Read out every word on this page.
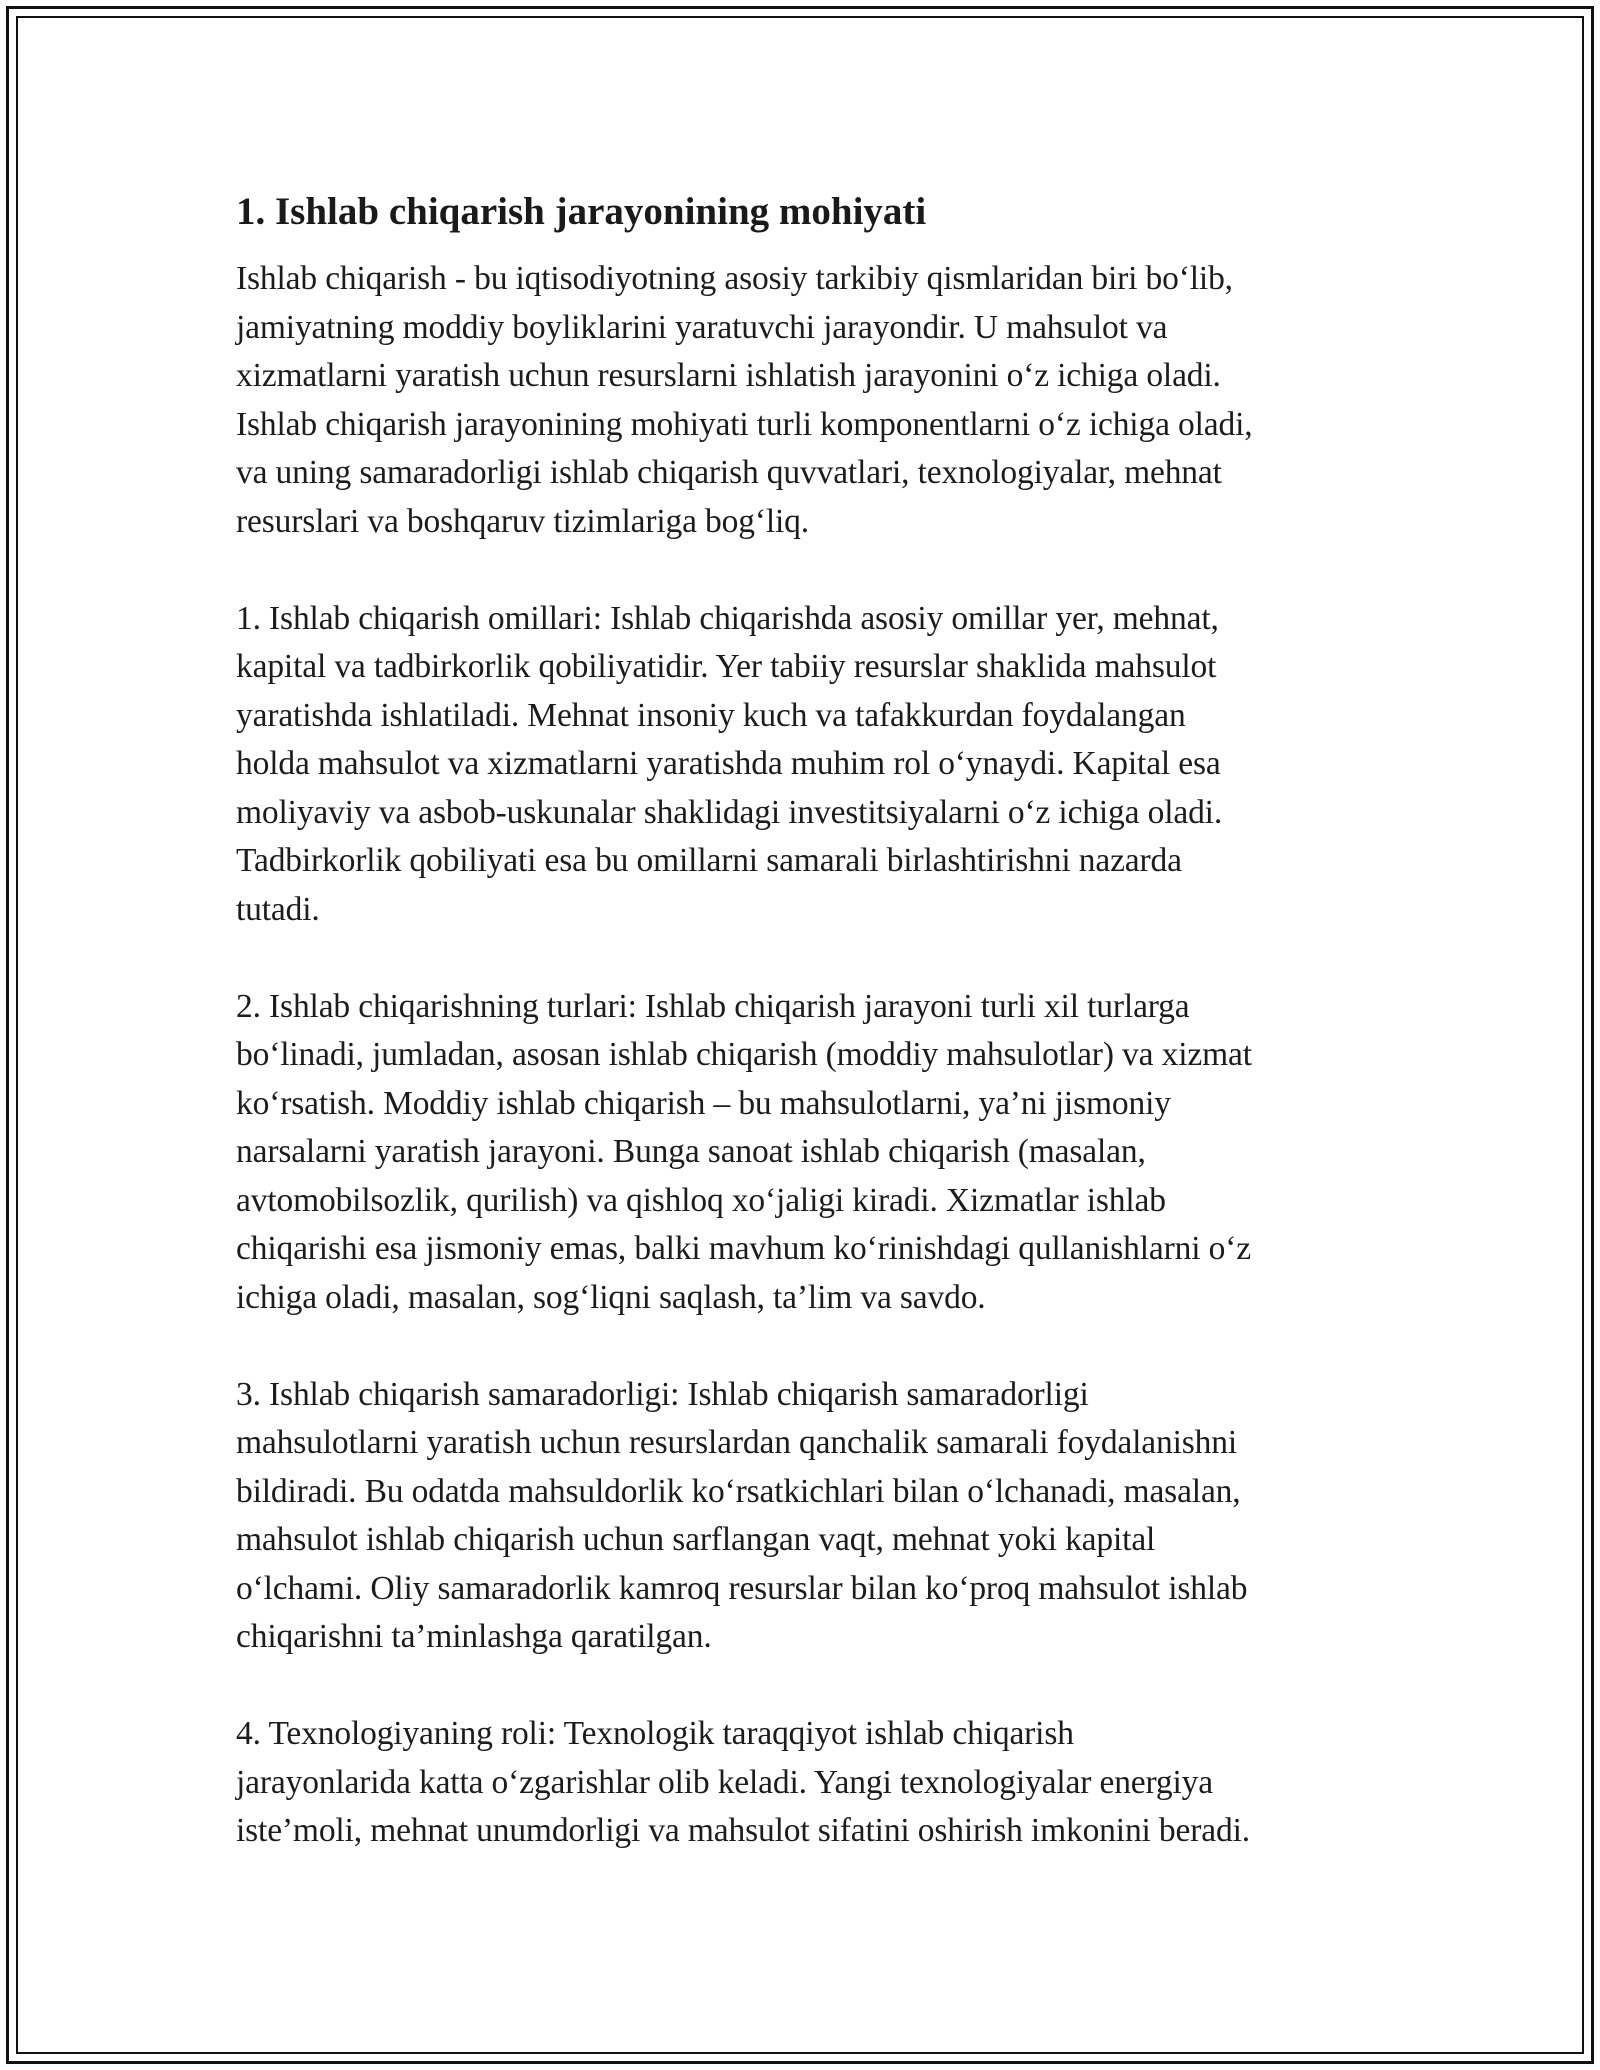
1. Ishlab chiqarish jarayonining mohiyati

Ishlab chiqarish - bu iqtisodiyotning asosiy tarkibiy qismlaridan biri bo‘lib,
jamiyatning moddiy boyliklarini yaratuvchi jarayondir. U mahsulot va
xizmatlarni yaratish uchun resurslarni ishlatish jarayonini o‘z ichiga oladi.
Ishlab chiqarish jarayonining mohiyati turli komponentlarni o‘z ichiga oladi,
va uning samaradorligi ishlab chiqarish quvvatlari, texnologiyalar, mehnat
resurslari va boshqaruv tizimlariga bog‘liq.

1. Ishlab chiqarish omillari: Ishlab chiqarishda asosiy omillar yer, mehnat,
kapital va tadbirkorlik qobiliyatidir. Yer tabiiy resurslar shaklida mahsulot
yaratishda ishlatiladi. Mehnat insoniy kuch va tafakkurdan foydalangan
holda mahsulot va xizmatlarni yaratishda muhim rol o‘ynaydi. Kapital esa
moliyaviy va asbob-uskunalar shaklidagi investitsiyalarni o‘z ichiga oladi.
Tadbirkorlik qobiliyati esa bu omillarni samarali birlashtirishni nazarda
tutadi.

2. Ishlab chiqarishning turlari: Ishlab chiqarish jarayoni turli xil turlarga
bo‘linadi, jumladan, asosan ishlab chiqarish (moddiy mahsulotlar) va xizmat
ko‘rsatish. Moddiy ishlab chiqarish – bu mahsulotlarni, ya’ni jismoniy
narsalarni yaratish jarayoni. Bunga sanoat ishlab chiqarish (masalan,
avtomobilsozlik, qurilish) va qishloq xo‘jaligi kiradi. Xizmatlar ishlab
chiqarishi esa jismoniy emas, balki mavhum ko‘rinishdagi qullanishlarni o‘z
ichiga oladi, masalan, sog‘liqni saqlash, ta’lim va savdo.

3. Ishlab chiqarish samaradorligi: Ishlab chiqarish samaradorligi
mahsulotlarni yaratish uchun resurslardan qanchalik samarali foydalanishni
bildiradi. Bu odatda mahsuldorlik ko‘rsatkichlari bilan o‘lchanadi, masalan,
mahsulot ishlab chiqarish uchun sarflangan vaqt, mehnat yoki kapital
o‘lchami. Oliy samaradorlik kamroq resurslar bilan ko‘proq mahsulot ishlab
chiqarishni ta’minlashga qaratilgan.

4. Texnologiyaning roli: Texnologik taraqqiyot ishlab chiqarish
jarayonlarida katta o‘zgarishlar olib keladi. Yangi texnologiyalar energiya
iste’moli, mehnat unumdorligi va mahsulot sifatini oshirish imkonini beradi.
